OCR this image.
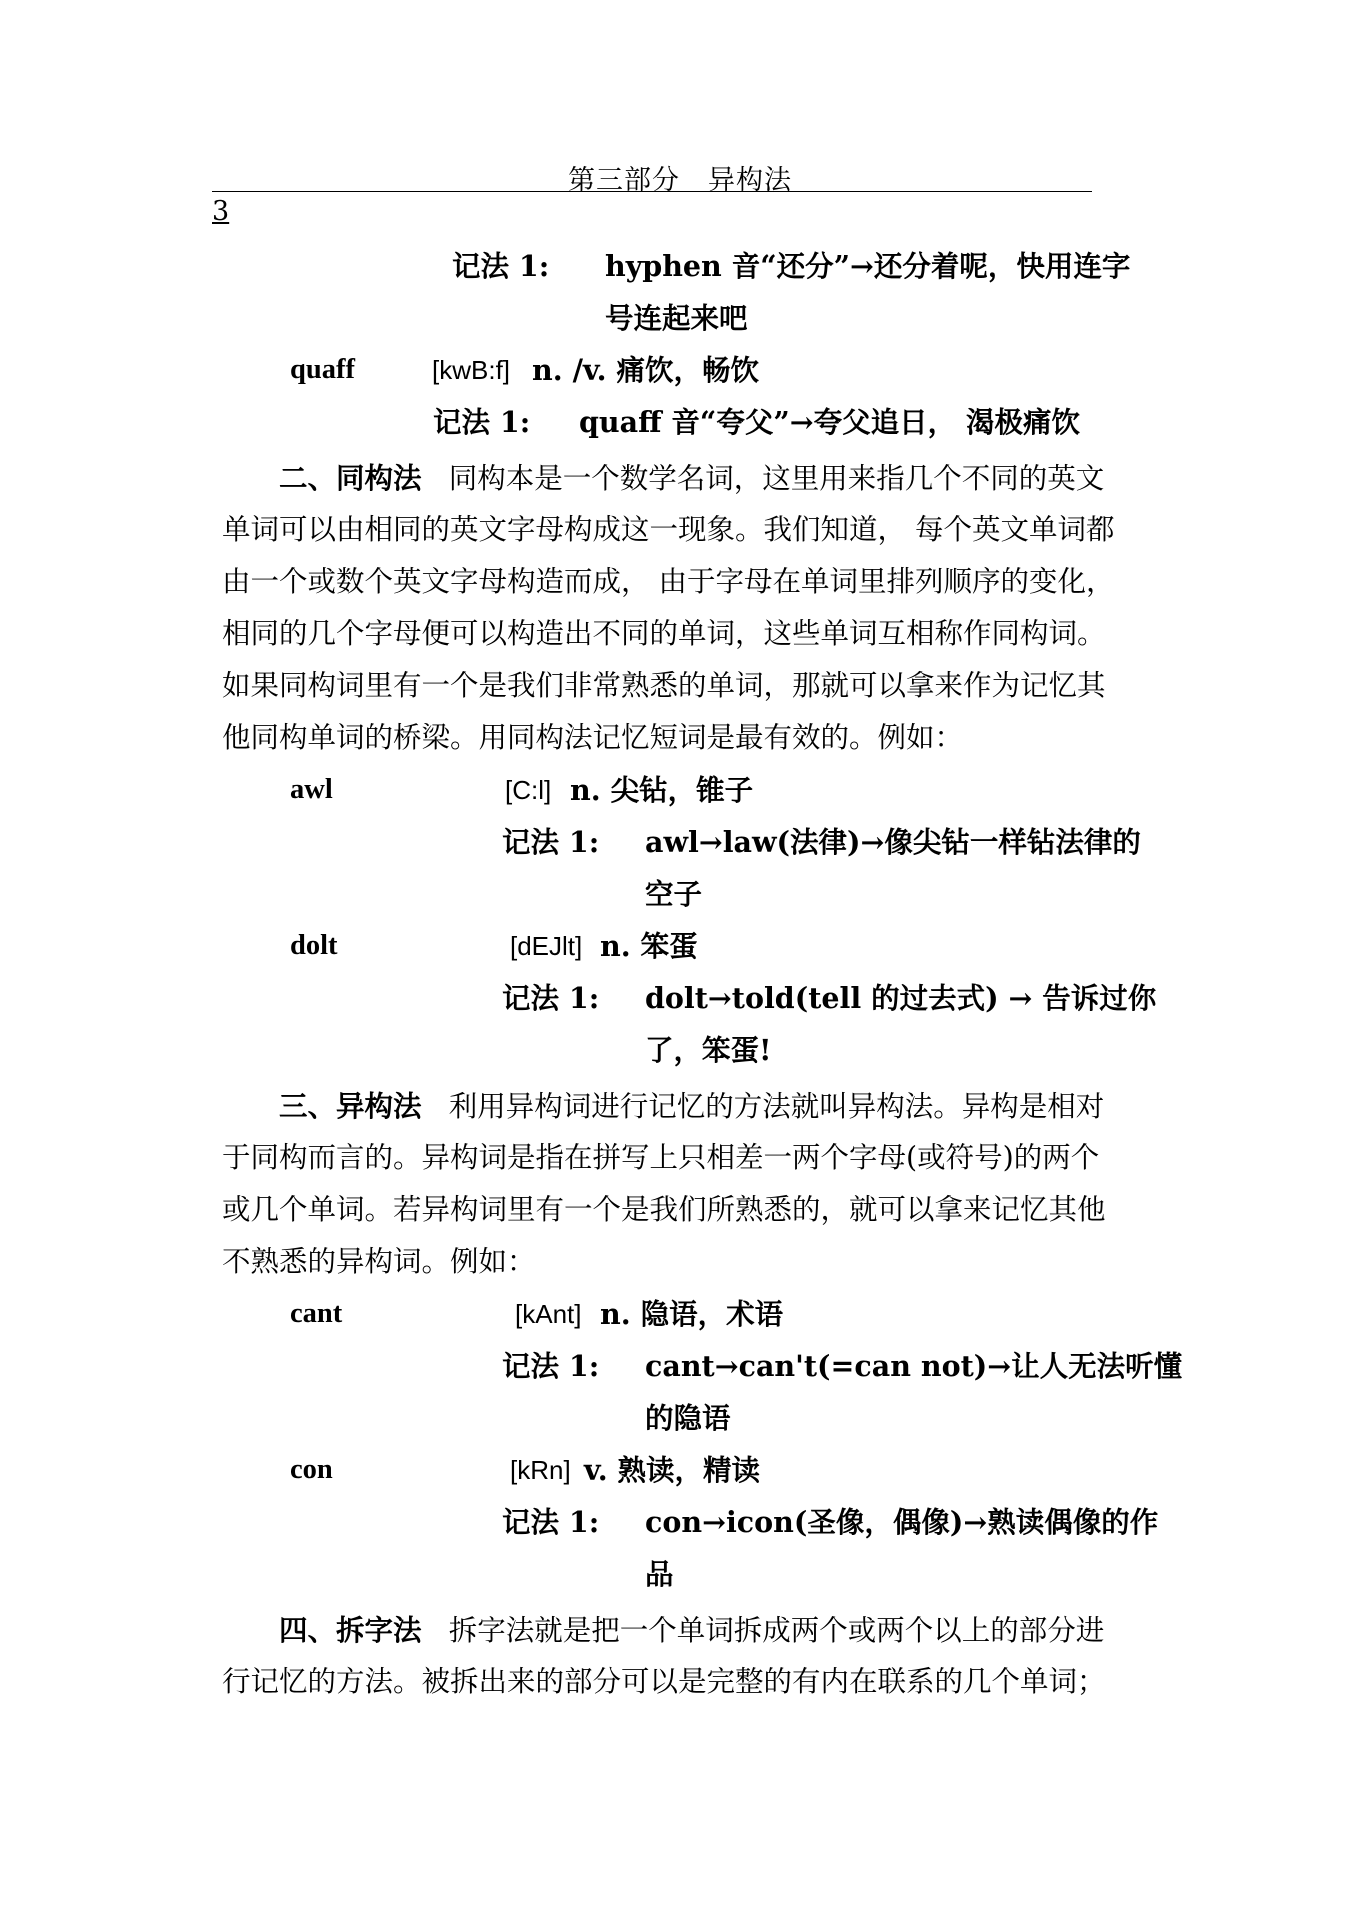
第三部分　异构法
3
记法 1: hyphen 音“还分”→还分着呢，快用连字
号连起来吧
quaff	[kwB:f] n. /v. 痛饮，畅饮
记法 1: quaff 音“夸父”→夸父追日， 渴极痛饮
二、同构法 同构本是一个数学名词，这里用来指几个不同的英文
单词可以由相同的英文字母构成这一现象。我们知道， 每个英文单词都
由一个或数个英文字母构造而成， 由于字母在单词里排列顺序的变化，
相同的几个字母便可以构造出不同的单词，这些单词互相称作同构词。
如果同构词里有一个是我们非常熟悉的单词，那就可以拿来作为记忆其
他同构单词的桥梁。用同构法记忆短词是最有效的。例如：
awl	[C:l] n. 尖钻，锥子
记法 1: awl→law(法律)→像尖钻一样钻法律的
空子
dolt	[dEJlt] n. 笨蛋
记法 1: dolt→told(tell 的过去式) → 告诉过你
了，笨蛋!
三、异构法 利用异构词进行记忆的方法就叫异构法。异构是相对
于同构而言的。异构词是指在拼写上只相差一两个字母(或符号)的两个
或几个单词。若异构词里有一个是我们所熟悉的，就可以拿来记忆其他
不熟悉的异构词。例如：
cant	[kAnt] n. 隐语，术语
记法 1: cant→can't(=can not)→让人无法听懂
的隐语
con	[kRn] v. 熟读，精读
记法 1: con→icon(圣像，偶像)→熟读偶像的作
品
四、拆字法 拆字法就是把一个单词拆成两个或两个以上的部分进
行记忆的方法。被拆出来的部分可以是完整的有内在联系的几个单词；
